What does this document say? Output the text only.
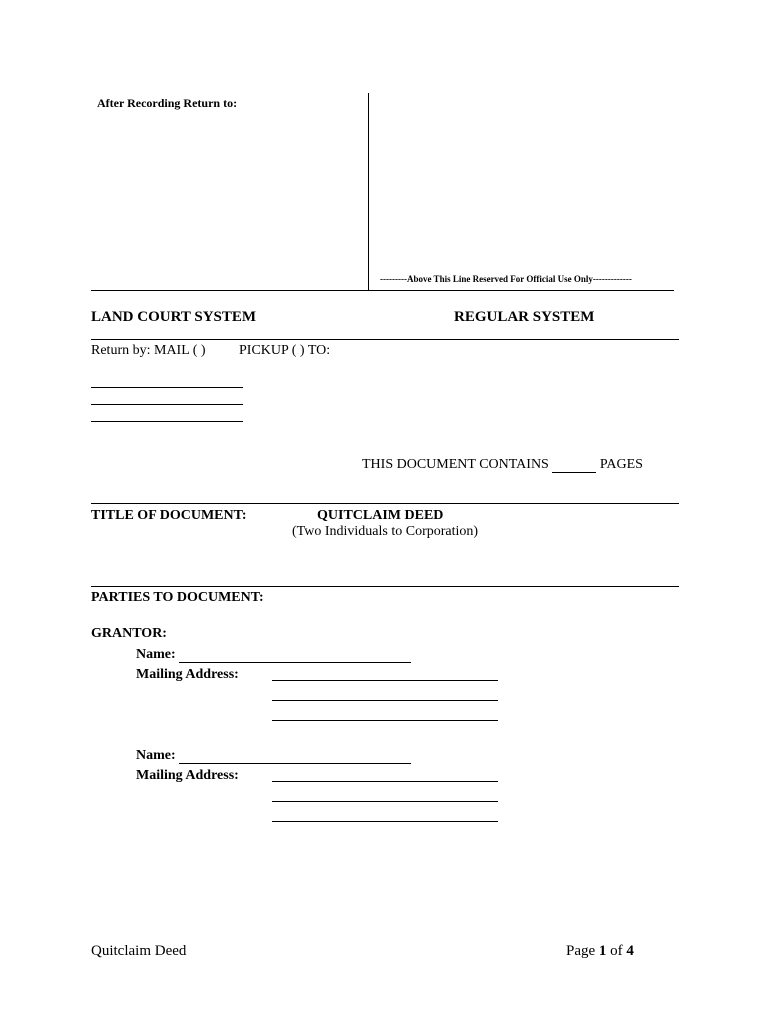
After Recording Return to:
---------Above This Line Reserved For Official Use Only-------------
LAND COURT SYSTEM	REGULAR SYSTEM
Return by: MAIL ( ) PICKUP ( ) TO:
THIS DOCUMENT CONTAINS	PAGES
TITLE OF DOCUMENT:	QUITCLAIM DEED
(Two Individuals to Corporation)
PARTIES TO DOCUMENT:
GRANTOR:
Name:
Mailing Address:
Name:
Mailing Address:
Quitclaim Deed	Page 1 of 4
